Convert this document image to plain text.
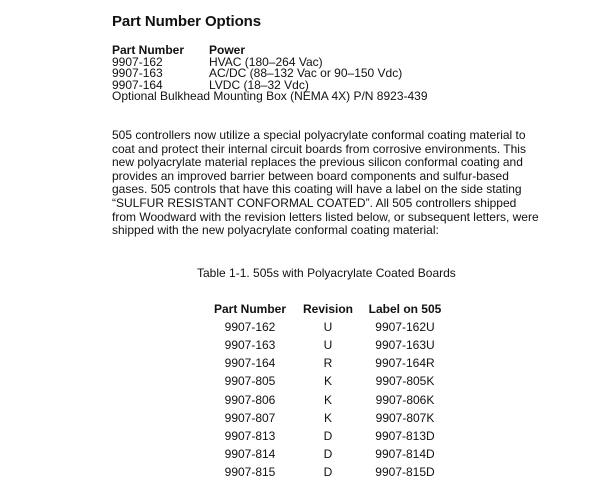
Part Number Options
Part Number	Power
9907-162	HVAC (180–264 Vac)
9907-163	AC/DC (88–132 Vac or 90–150 Vdc)
9907-164	LVDC (18–32 Vdc)
Optional Bulkhead Mounting Box (NEMA 4X) P/N 8923-439
505 controllers now utilize a special polyacrylate conformal coating material to
coat and protect their internal circuit boards from corrosive environments. This
new polyacrylate material replaces the previous silicon conformal coating and
provides an improved barrier between board components and sulfur-based
gases. 505 controls that have this coating will have a label on the side stating
“SULFUR RESISTANT CONFORMAL COATED”. All 505 controllers shipped
from Woodward with the revision letters listed below, or subsequent letters, were
shipped with the new polyacrylate conformal coating material:
Table 1-1. 505s with Polyacrylate Coated Boards
Part Number	Revision	Label on 505
9907-162	U	9907-162U
9907-163	U	9907-163U
9907-164	R	9907-164R
9907-805	K	9907-805K
9907-806	K	9907-806K
9907-807	K	9907-807K
9907-813	D	9907-813D
9907-814	D	9907-814D
9907-815	D	9907-815D
